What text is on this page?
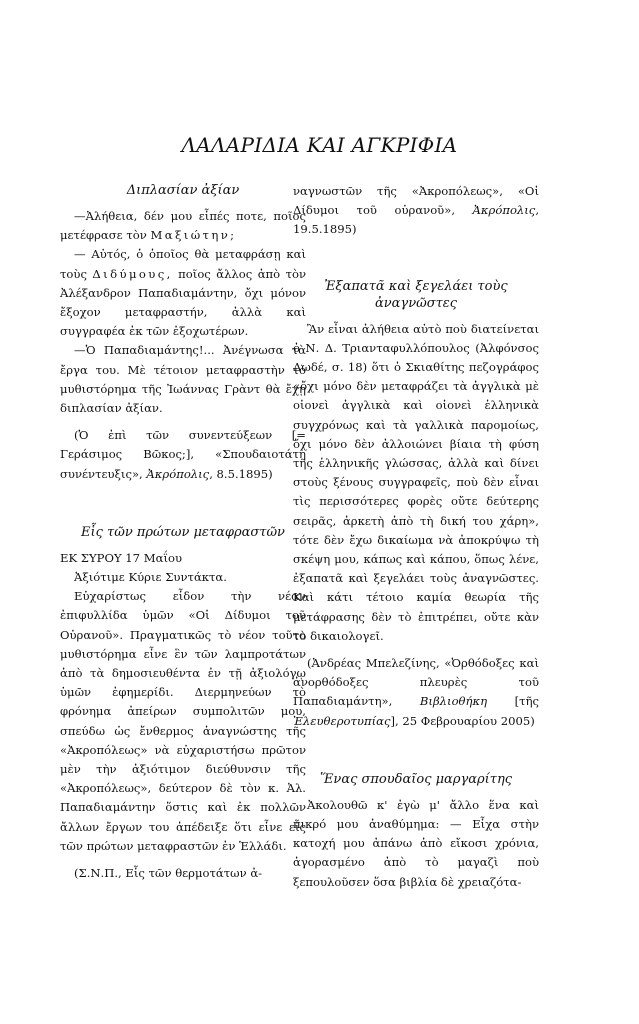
ΛΑΛΑΡΙΔΙΑ ΚΑΙ ΑΓΚΡΙΦΙΑ
Διπλασίαν ἀξίαν

—Ἀλήθεια, δέν μου εἶπές ποτε, ποῖος μετέφρασε τὸν Μαξιώτην;

— Αὐτός, ὁ ὁποῖος θὰ μεταφράσῃ καὶ τοὺς Διδύμους, ποῖος ἄλλος ἀπὸ τὸν Ἀλέξανδρον Παπαδιαμάντην, ὄχι μόνον ἔξοχον μεταφραστήν, ἀλλὰ καὶ συγγραφέα ἐκ τῶν ἐξοχωτέρων.

—Ὁ Παπαδιαμάντης!... Ἀνέγνωσα τὰ ἔργα του. Μὲ τέτοιον μεταφραστὴν τὸ μυθιστόρημα τῆς Ἰωάννας Γρὰντ θὰ ἔχῃ διπλασίαν ἀξίαν.

(Ὁ ἐπὶ τῶν συνεντεύξεων [= Γεράσιμος Βῶκος;], «Σπουδαιοτάτη συνέντευξις», Ἀκρόπολις, 8.5.1895)

Εἷς τῶν πρώτων μεταφραστῶν

ΕΚ ΣΥΡΟΥ 17 Μαΐου

Ἀξιότιμε Κύριε Συντάκτα.

Εὐχαρίστως εἶδον τὴν νέαν ἐπιφυλλίδα ὑμῶν «Οἱ Δίδυμοι τοῦ Οὐρανοῦ». Πραγματικῶς τὸ νέον τοῦτο μυθιστόρημα εἶνε ἓν τῶν λαμπροτάτων ἀπὸ τὰ δημοσιευθέντα ἐν τῇ ἀξιολόγῳ ὑμῶν ἐφημερίδι. Διερμηνεύων τὸ φρόνημα ἀπείρων συμπολιτῶν μου, σπεύδω ὡς ἔνθερμος ἀναγνώστης τῆς «Ἀκροπόλεως» νὰ εὐχαριστήσω πρῶτον μὲν τὴν ἀξιότιμον διεύθυνσιν τῆς «Ἀκροπόλεως», δεύτερον δὲ τὸν κ. Ἀλ. Παπαδιαμάντην ὅστις καὶ ἐκ πολλῶν ἄλλων ἔργων του ἀπέδειξε ὅτι εἶνε εἷς τῶν πρώτων μεταφραστῶν ἐν Ἑλλάδι.

(Σ.Ν.Π., Εἷς τῶν θερμοτάτων ἀ-

ναγνωστῶν τῆς «Ἀκροπόλεως», «Οἱ Δίδυμοι τοῦ οὐρανοῦ», Ἀκρόπολις, 19.5.1895)

Ἐξαπατᾶ καὶ ξεγελάει τοὺς
ἀναγνῶστες

Ἂν εἶναι ἀλήθεια αὐτὸ ποὺ διατείνεται ὁ Ν. Δ. Τριανταφυλλόπουλος (Ἀλφόνσος Δωδέ, σ. 18) ὅτι ὁ Σκιαθίτης πεζογράφος «ὄχι μόνο δὲν μεταφράζει τὰ ἀγγλικὰ μὲ οἱονεὶ ἀγγλικὰ καὶ οἱονεὶ ἑλληνικὰ συγχρόνως καὶ τὰ γαλλικὰ παρομοίως, ὄχι μόνο δὲν ἀλλοιώνει βίαια τὴ φύση τῆς ἑλληνικῆς γλώσσας, ἀλλὰ καὶ δίνει στοὺς ξένους συγγραφεῖς, ποὺ δὲν εἶναι τὶς περισσότερες φορὲς οὔτε δεύτερης σειρᾶς, ἀρκετὴ ἀπὸ τὴ δική του χάρη», τότε δὲν ἔχω δικαίωμα νὰ ἀποκρύψω τὴ σκέψη μου, κάπως καὶ κάπου, ὅπως λένε, ἐξαπατᾶ καὶ ξεγελάει τοὺς ἀναγνῶστες. Καὶ κάτι τέτοιο καμία θεωρία τῆς μετάφρασης δὲν τὸ ἐπιτρέπει, οὔτε κὰν τὸ δικαιολογεῖ.

(Ἀνδρέας Μπελεζίνης, «Ὀρθόδοξες καὶ ἀνορθόδοξες πλευρὲς τοῦ Παπαδιαμάντη», Βιβλιοθήκη [τῆς Ἐλευθεροτυπίας], 25 Φεβρουαρίου 2005)

Ἕνας σπουδαῖος μαργαρίτης

Ἀκολουθῶ κ' ἐγὼ μ' ἄλλο ἕνα καὶ πικρό μου ἀναθύμημα: — Εἶχα στὴν κατοχή μου ἀπάνω ἀπὸ εἴκοσι χρόνια, ἀγορασμένο ἀπὸ τὸ μαγαζὶ ποὺ ξεπουλοῦσεν ὅσα βιβλία δὲ χρειαζότα-
